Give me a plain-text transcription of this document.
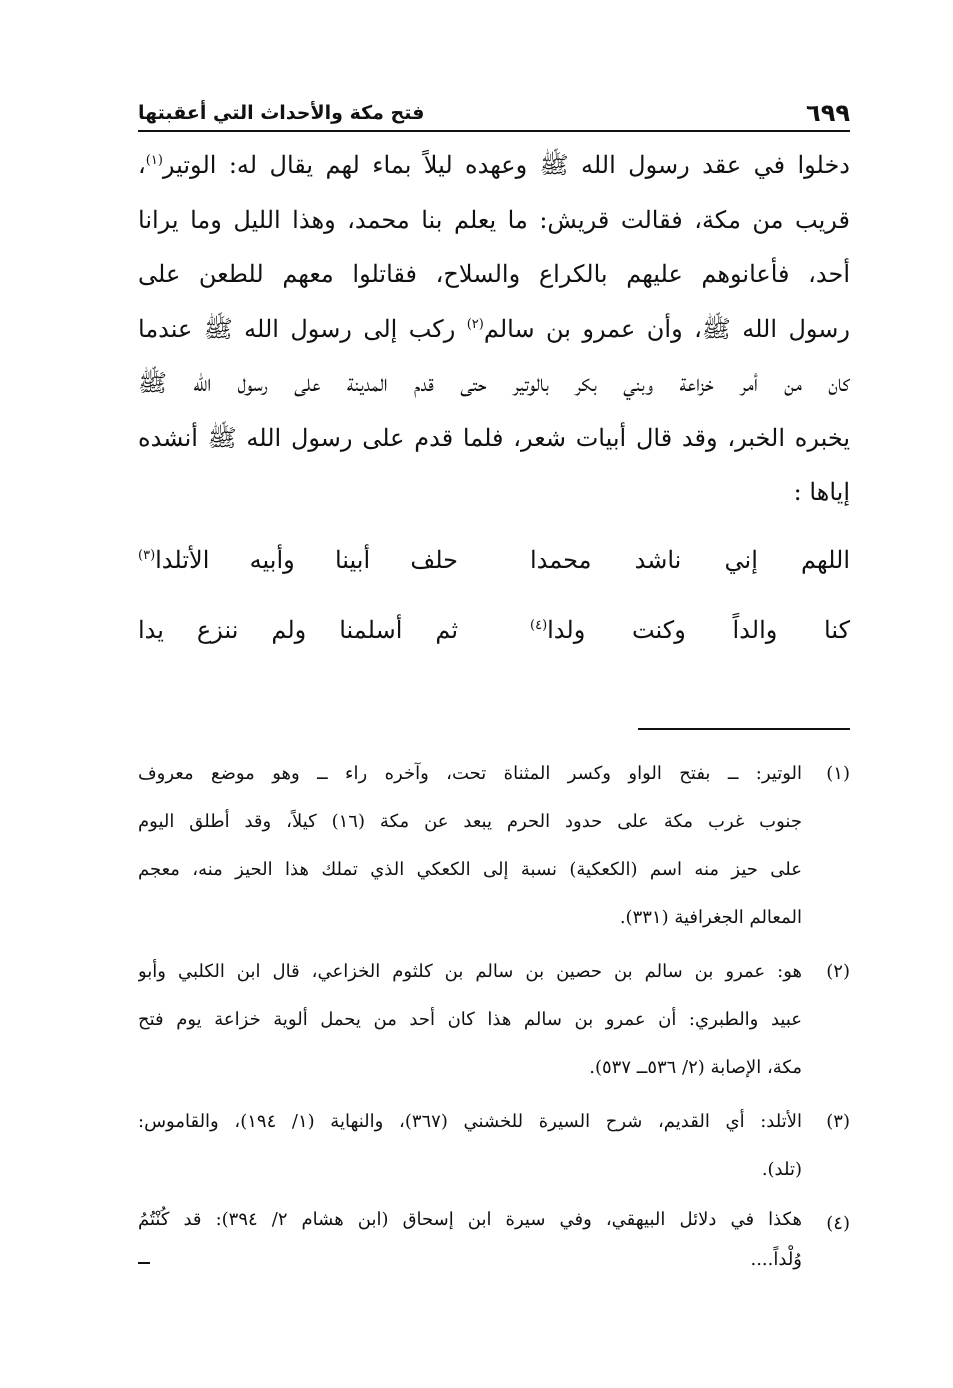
٦٩٩
فتح مكة والأحداث التي أعقبتها
دخلوا في عقد رسول الله ﷺ وعهده ليلاً بماء لهم يقال له: الوتير$^{(١)}$،
قريب من مكة، فقالت قريش: ما يعلم بنا محمد، وهذا الليل وما يرانا
أحد، فأعانوهم عليهم بالكراع والسلاح، فقاتلوا معهم للطعن على
رسول الله ﷺ، وأن عمرو بن سالم$^{(٢)}$ ركب إلى رسول الله ﷺ عندما
كان من أمر خزاعة وبني بكر بالوتير حتى قدم المدينة على رسول الله ﷺ
يخبره الخبر، وقد قال أبيات شعر، فلما قدم على رسول الله ﷺ أنشده
إياها :
اللهم إني ناشد محمدا
حلف أبينا وأبيه الأتلدا$^{(٣)}$
كنا والداً وكنت ولدا$^{(٤)}$
ثم أسلمنا ولم ننزع يدا
(١)
الوتير: ــ بفتح الواو وكسر المثناة تحت، وآخره راء ــ وهو موضع معروف
جنوب غرب مكة على حدود الحرم يبعد عن مكة (١٦) كيلاً، وقد أطلق اليوم
على حيز منه اسم (الكعكية) نسبة إلى الكعكي الذي تملك هذا الحيز منه، معجم
المعالم الجغرافية (٣٣١).
(٢)
هو: عمرو بن سالم بن حصين بن سالم بن كلثوم الخزاعي، قال ابن الكلبي وأبو
عبيد والطبري: أن عمرو بن سالم هذا كان أحد من يحمل ألوية خزاعة يوم فتح
مكة، الإصابة (٢/ ٥٣٦ــ ٥٣٧).
(٣)
الأتلد: أي القديم، شرح السيرة للخشني (٣٦٧)، والنهاية (١/ ١٩٤)، والقاموس:
(تلد).
(٤)
هكذا في دلائل البيهقي، وفي سيرة ابن إسحاق (ابن هشام ٢/ ٣٩٤): قد كُنْتُمُ
وُلْداً....
